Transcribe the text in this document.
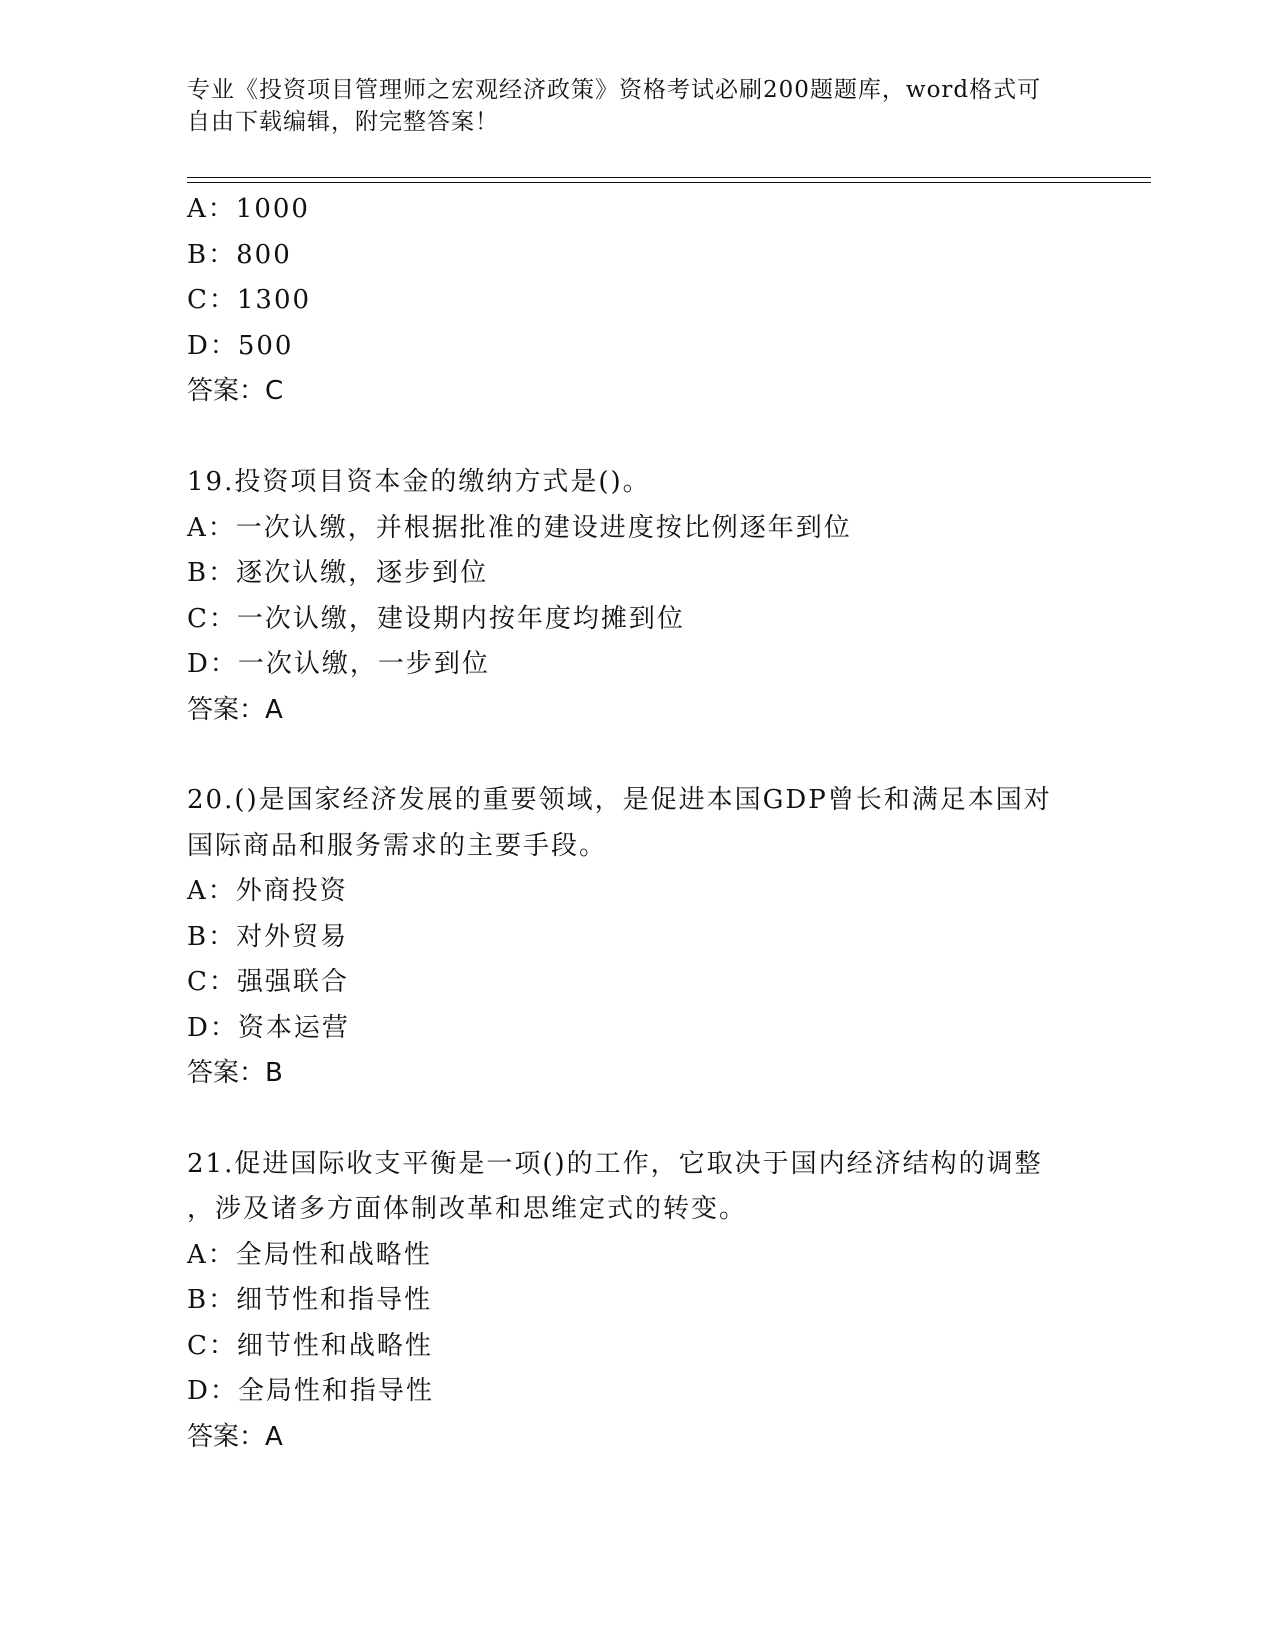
专业《投资项目管理师之宏观经济政策》资格考试必刷200题题库，word格式可
自由下载编辑，附完整答案！
A：1000
B：800
C：1300
D：500
答案：C
19.投资项目资本金的缴纳方式是()。
A：一次认缴，并根据批准的建设进度按比例逐年到位
B：逐次认缴，逐步到位
C：一次认缴，建设期内按年度均摊到位
D：一次认缴，一步到位
答案：A
20.()是国家经济发展的重要领域，是促进本国GDP曾长和满足本国对
国际商品和服务需求的主要手段。
A：外商投资
B：对外贸易
C：强强联合
D：资本运营
答案：B
21.促进国际收支平衡是一项()的工作，它取决于国内经济结构的调整
，涉及诸多方面体制改革和思维定式的转变。
A：全局性和战略性
B：细节性和指导性
C：细节性和战略性
D：全局性和指导性
答案：A
